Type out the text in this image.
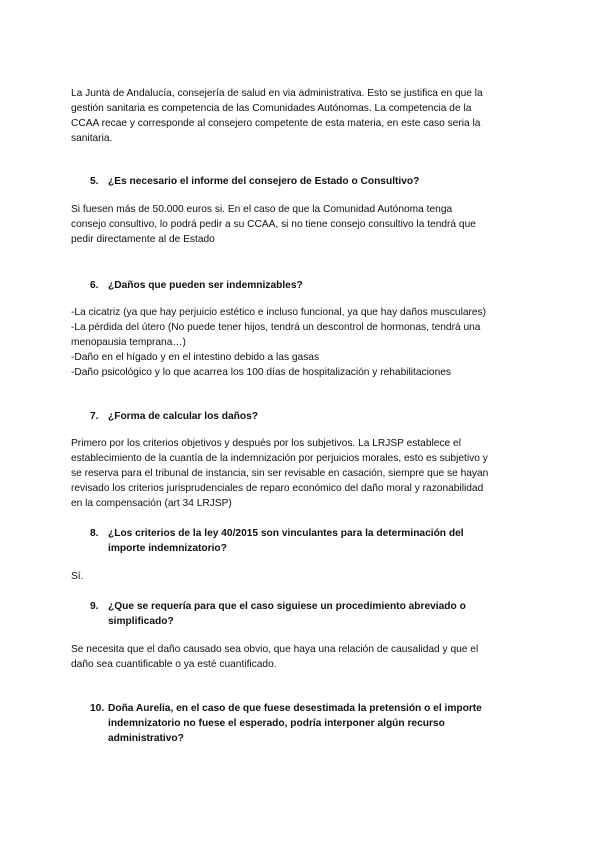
La Junta de Andalucía, consejería de salud en via administrativa. Esto se justifica en que la
gestión sanitaria es competencia de las Comunidades Autónomas. La competencia de la
CCAA recae y corresponde al consejero competente de esta materia, en este caso seria la
sanitaria.

5. ¿Es necesario el informe del consejero de Estado o Consultivo?

Si fuesen más de 50.000 euros si. En el caso de que la Comunidad Autónoma tenga
consejo consultivo, lo podrá pedir a su CCAA, si no tiene consejo consultivo la tendrá que
pedir directamente al de Estado

6. ¿Daños que pueden ser indemnizables?

-La cicatriz (ya que hay perjuicio estético e incluso funcional, ya que hay daños musculares)
-La pérdida del útero (No puede tener hijos, tendrá un descontrol de hormonas, tendrá una
menopausia temprana…)
-Daño en el hígado y en el intestino debido a las gasas
-Daño psicológico y lo que acarrea los 100 días de hospitalización y rehabilitaciones

7. ¿Forma de calcular los daños?

Primero por los criterios objetivos y después por los subjetivos. La LRJSP establece el
establecimiento de la cuantía de la indemnización por perjuicios morales, esto es subjetivo y
se reserva para el tribunal de instancia, sin ser revisable en casación, siempre que se hayan
revisado los criterios jurisprudenciales de reparo económico del daño moral y razonabilidad
en la compensación (art 34 LRJSP)

8. ¿Los criterios de la ley 40/2015 son vinculantes para la determinación del
importe indemnizatorio?

Sí.

9. ¿Que se requería para que el caso siguiese un procedimiento abreviado o
simplificado?

Se necesita que el daño causado sea obvio, que haya una relación de causalidad y que el
daño sea cuantificable o ya esté cuantificado.

10. Doña Aurelia, en el caso de que fuese desestimada la pretensión o el importe
indemnizatorio no fuese el esperado, podría interponer algún recurso
administrativo?
